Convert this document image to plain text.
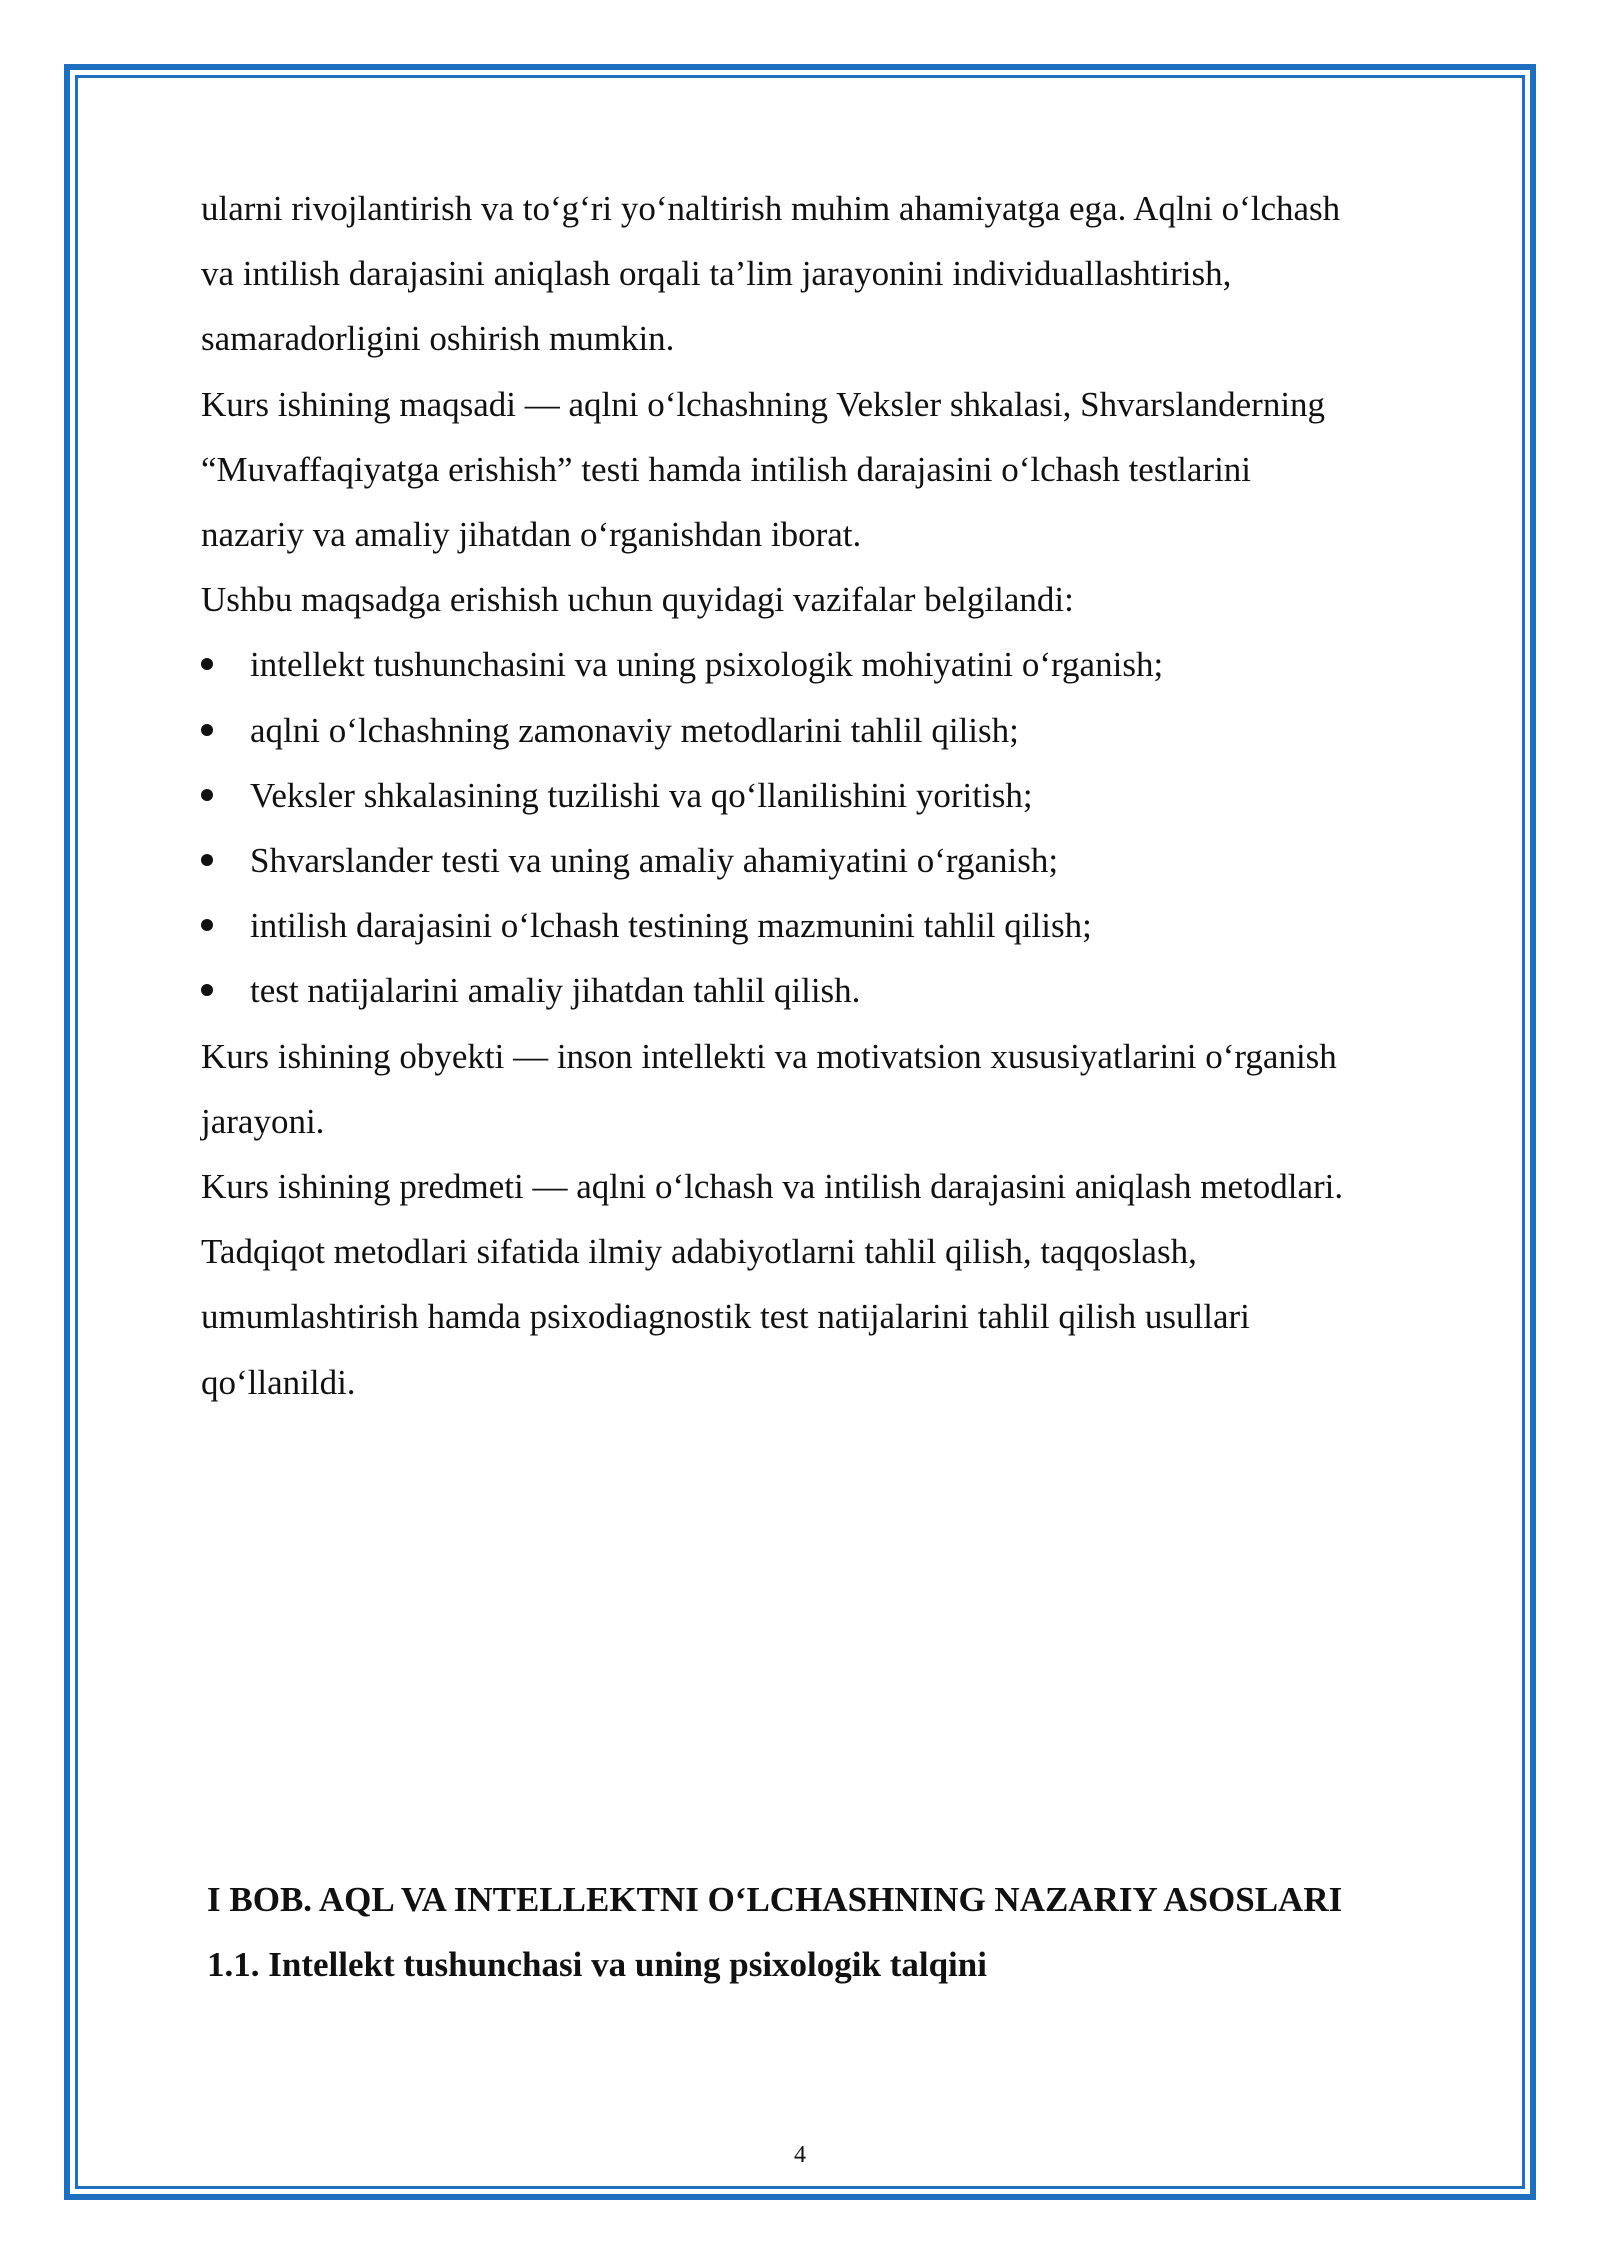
ularni rivojlantirish va to‘g‘ri yo‘naltirish muhim ahamiyatga ega. Aqlni o‘lchash
va intilish darajasini aniqlash orqali ta’lim jarayonini individuallashtirish,
samaradorligini oshirish mumkin.

Kurs ishining maqsadi — aqlni o‘lchashning Veksler shkalasi, Shvarslanderning
“Muvaffaqiyatga erishish” testi hamda intilish darajasini o‘lchash testlarini
nazariy va amaliy jihatdan o‘rganishdan iborat.

Ushbu maqsadga erishish uchun quyidagi vazifalar belgilandi:

intellekt tushunchasini va uning psixologik mohiyatini o‘rganish;
aqlni o‘lchashning zamonaviy metodlarini tahlil qilish;
Veksler shkalasining tuzilishi va qo‘llanilishini yoritish;
Shvarslander testi va uning amaliy ahamiyatini o‘rganish;
intilish darajasini o‘lchash testining mazmunini tahlil qilish;
test natijalarini amaliy jihatdan tahlil qilish.

Kurs ishining obyekti — inson intellekti va motivatsion xususiyatlarini o‘rganish
jarayoni.

Kurs ishining predmeti — aqlni o‘lchash va intilish darajasini aniqlash metodlari.

Tadqiqot metodlari sifatida ilmiy adabiyotlarni tahlil qilish, taqqoslash,
umumlashtirish hamda psixodiagnostik test natijalarini tahlil qilish usullari
qo‘llanildi.

I BOB. AQL VA INTELLEKTNI O‘LCHASHNING NAZARIY ASOSLARI
1.1. Intellekt tushunchasi va uning psixologik talqini
4
